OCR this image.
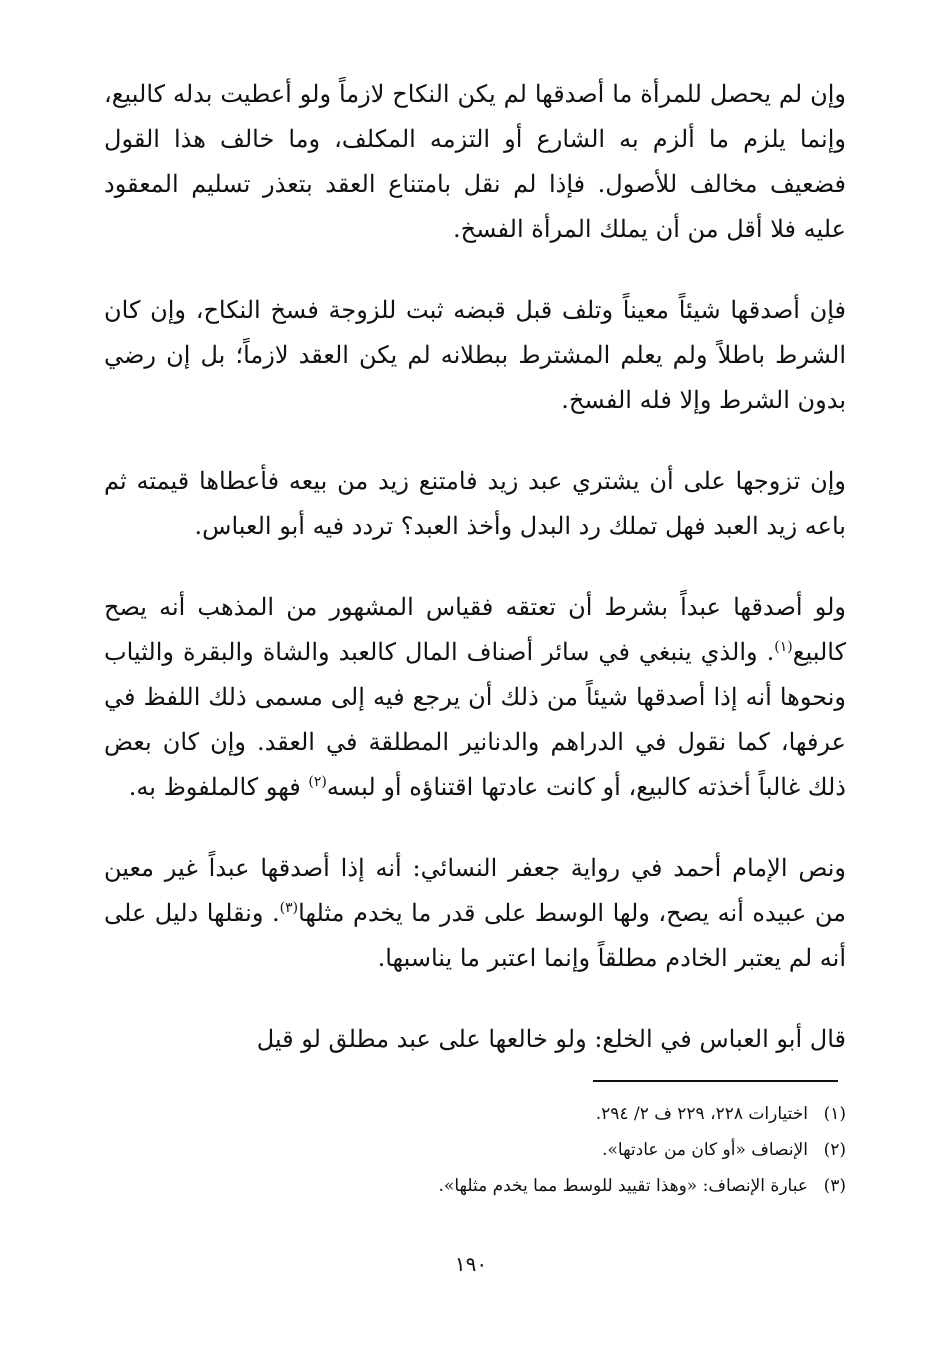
وإن لم يحصل للمرأة ما أصدقها لم يكن النكاح لازماً ولو أعطيت بدله كالبيع، وإنما يلزم ما ألزم به الشارع أو التزمه المكلف، وما خالف هذا القول فضعيف مخالف للأصول. فإذا لم نقل بامتناع العقد بتعذر تسليم المعقود عليه فلا أقل من أن يملك المرأة الفسخ.

فإن أصدقها شيئاً معيناً وتلف قبل قبضه ثبت للزوجة فسخ النكاح، وإن كان الشرط باطلاً ولم يعلم المشترط ببطلانه لم يكن العقد لازماً؛ بل إن رضي بدون الشرط وإلا فله الفسخ.

وإن تزوجها على أن يشتري عبد زيد فامتنع زيد من بيعه فأعطاها قيمته ثم باعه زيد العبد فهل تملك رد البدل وأخذ العبد؟ تردد فيه أبو العباس.

ولو أصدقها عبداً بشرط أن تعتقه فقياس المشهور من المذهب أنه يصح كالبيع$^{(١)}$. والذي ينبغي في سائر أصناف المال كالعبد والشاة والبقرة والثياب ونحوها أنه إذا أصدقها شيئاً من ذلك أن يرجع فيه إلى مسمى ذلك اللفظ في عرفها، كما نقول في الدراهم والدنانير المطلقة في العقد. وإن كان بعض ذلك غالباً أخذته كالبيع، أو كانت عادتها اقتناؤه أو لبسه$^{(٢)}$ فهو كالملفوظ به.

ونص الإمام أحمد في رواية جعفر النسائي: أنه إذا أصدقها عبداً غير معين من عبيده أنه يصح، ولها الوسط على قدر ما يخدم مثلها$^{(٣)}$. ونقلها دليل على أنه لم يعتبر الخادم مطلقاً وإنما اعتبر ما يناسبها.

قال أبو العباس في الخلع: ولو خالعها على عبد مطلق لو قيل

(١)اختيارات ٢٢٨، ٢٢٩ ف ٢/ ٢٩٤.
(٢)الإنصاف «أو كان من عادتها».
(٣)عبارة الإنصاف: «وهذا تقييد للوسط مما يخدم مثلها».
١٩٠
